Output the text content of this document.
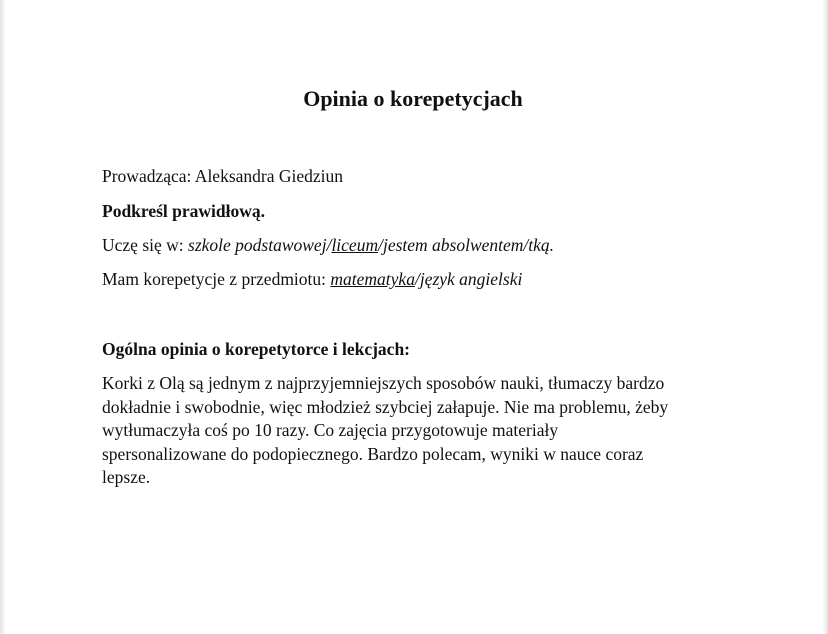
Opinia o korepetycjach

Prowadząca: Aleksandra Giedziun

Podkreśl prawidłową.

Uczę się w: szkole podstawowej/liceum/jestem absolwentem/tką.

Mam korepetycje z przedmiotu: matematyka/język angielski

Ogólna opinia o korepetytorce i lekcjach:

Korki z Olą są jednym z najprzyjemniejszych sposobów nauki, tłumaczy bardzo
dokładnie i swobodnie, więc młodzież szybciej załapuje. Nie ma problemu, żeby
wytłumaczyła coś po 10 razy. Co zajęcia przygotowuje materiały
spersonalizowane do podopiecznego. Bardzo polecam, wyniki w nauce coraz
lepsze.
